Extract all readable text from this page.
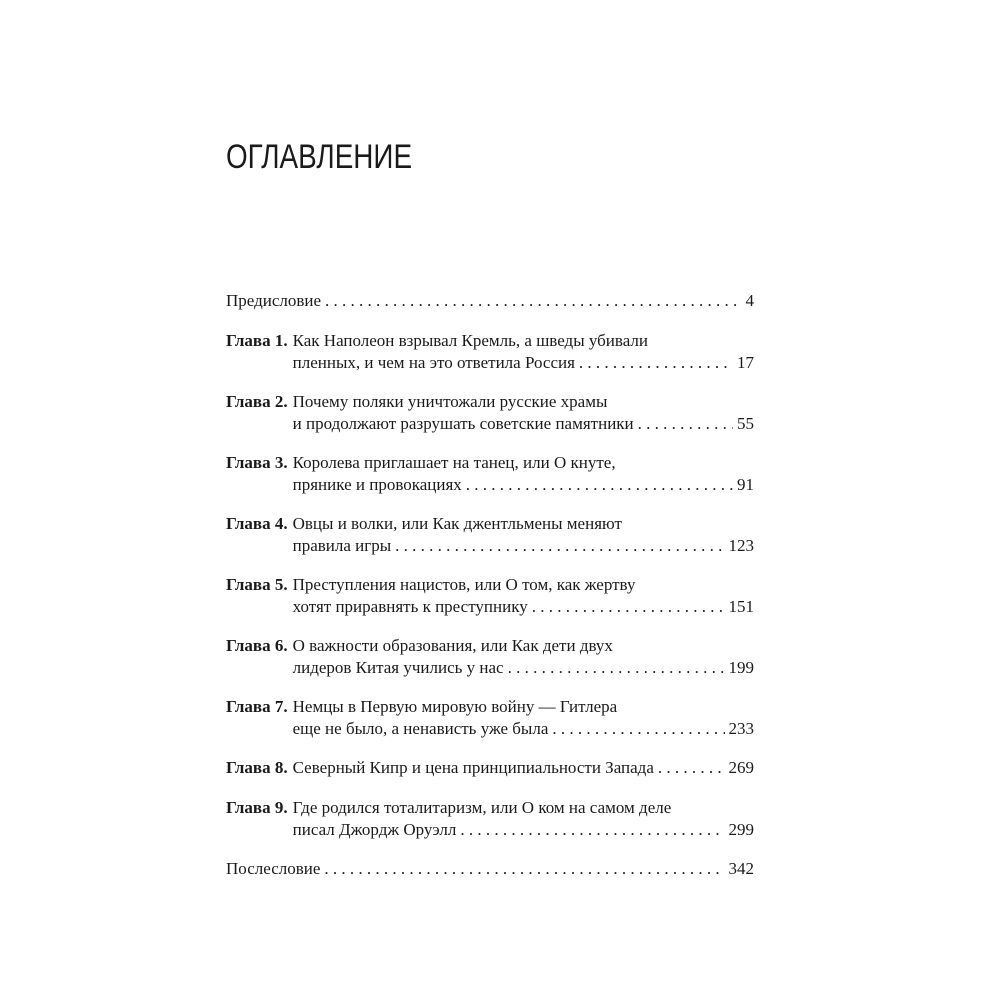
ОГЛАВЛЕНИЕ
Предисловие . . .	4
Глава 1. Как Наполеон взрывал Кремль, а шведы убивали
пленных, и чем на это ответила Россия . . .	17
Глава 2. Почему поляки уничтожали русские храмы
и продолжают разрушать советские памятники . . .	55
Глава 3. Королева приглашает на танец, или О кнуте,
прянике и провокациях . . .	91
Глава 4. Овцы и волки, или Как джентльмены меняют
правила игры . . .	123
Глава 5. Преступления нацистов, или О том, как жертву
хотят приравнять к преступнику . . .	151
Глава 6. О важности образования, или Как дети двух
лидеров Китая учились у нас . . .	199
Глава 7. Немцы в Первую мировую войну — Гитлера
еще не было, а ненависть уже была . . .	233
Глава 8. Северный Кипр и цена принципиальности Запада . . .	269
Глава 9. Где родился тоталитаризм, или О ком на самом деле
писал Джордж Оруэлл . . .	299
Послесловие . . .	342
